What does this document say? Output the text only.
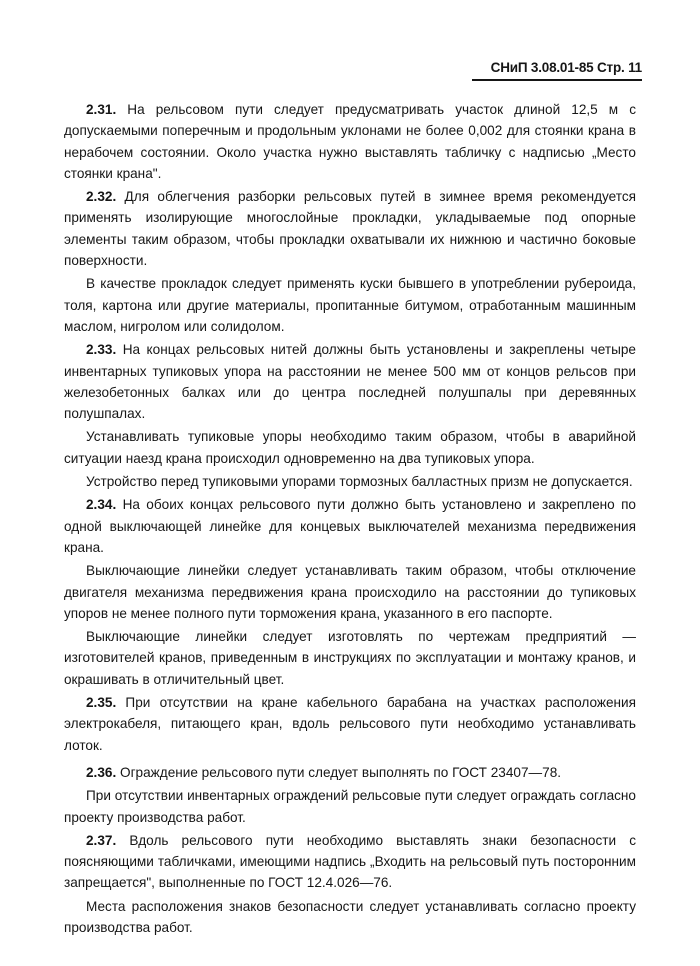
СНиП 3.08.01-85 Стр. 11

2.31. На рельсовом пути следует предусматривать участок длиной 12,5 м с допускаемыми поперечным и продольным уклонами не более 0,002 для стоянки крана в нерабочем состоянии. Около участка нужно выставлять табличку с надписью „Место стоянки крана".

2.32. Для облегчения разборки рельсовых путей в зимнее время рекомендуется применять изолирующие многослойные прокладки, укладываемые под опорные элементы таким образом, чтобы прокладки охватывали их нижнюю и частично боковые поверхности.

В качестве прокладок следует применять куски бывшего в употреблении рубероида, толя, картона или другие материалы, пропитанные битумом, отработанным машинным маслом, нигролом или солидолом.

2.33. На концах рельсовых нитей должны быть установлены и закреплены четыре инвентарных тупиковых упора на расстоянии не менее 500 мм от концов рельсов при железобетонных балках или до центра последней полушпалы при деревянных полушпалах.

Устанавливать тупиковые упоры необходимо таким образом, чтобы в аварийной ситуации наезд крана происходил одновременно на два тупиковых упора.

Устройство перед тупиковыми упорами тормозных балластных призм не допускается.

2.34. На обоих концах рельсового пути должно быть установлено и закреплено по одной выключающей линейке для концевых выключателей механизма передвижения крана.

Выключающие линейки следует устанавливать таким образом, чтобы отключение двигателя механизма передвижения крана происходило на расстоянии до тупиковых упоров не менее полного пути торможения крана, указанного в его паспорте.

Выключающие линейки следует изготовлять по чертежам предприятий — изготовителей кранов, приведенным в инструкциях по эксплуатации и монтажу кранов, и окрашивать в отличительный цвет.

2.35. При отсутствии на кране кабельного барабана на участках расположения электрокабеля, питающего кран, вдоль рельсового пути необходимо устанавливать лоток.

2.36. Ограждение рельсового пути следует выполнять по ГОСТ 23407—78.

При отсутствии инвентарных ограждений рельсовые пути следует ограждать согласно проекту производства работ.

2.37. Вдоль рельсового пути необходимо выставлять знаки безопасности с поясняющими табличками, имеющими надпись „Входить на рельсовый путь посторонним запрещается", выполненные по ГОСТ 12.4.026—76.

Места расположения знаков безопасности следует устанавливать согласно проекту производства работ.
